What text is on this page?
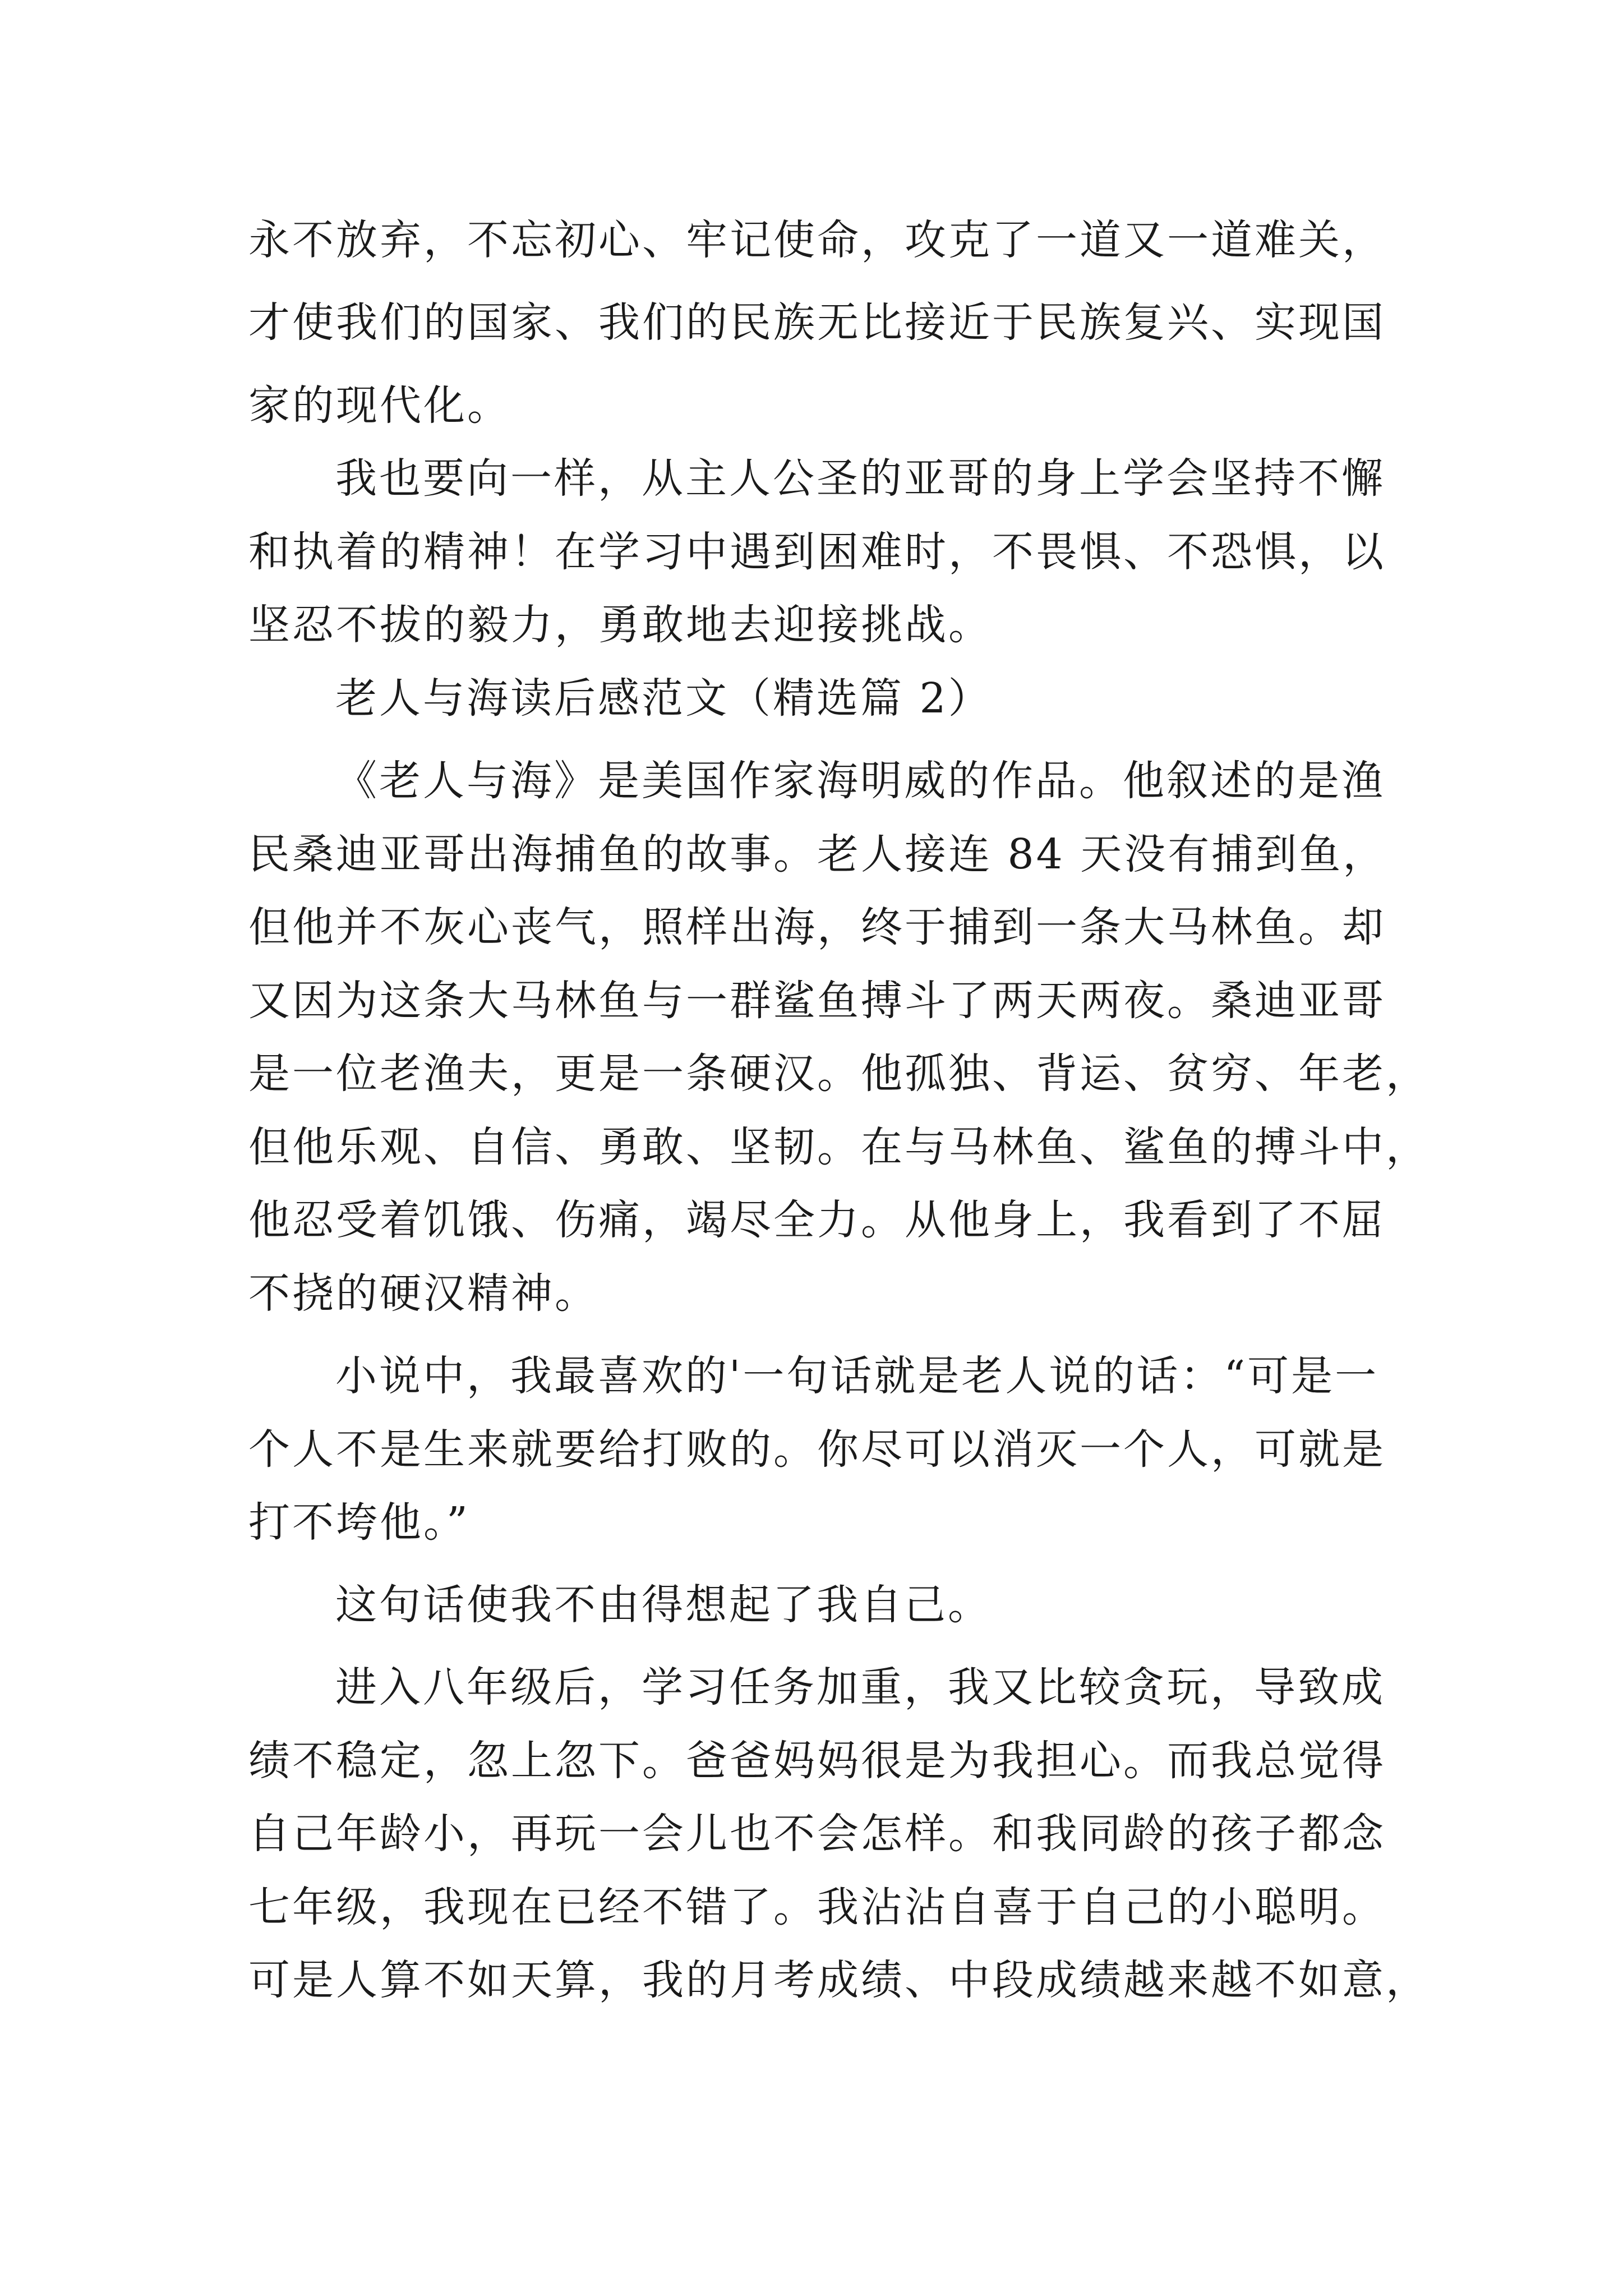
永不放弃，不忘初心、牢记使命，攻克了一道又一道难关，
才使我们的国家、我们的民族无比接近于民族复兴、实现国
家的现代化。
我也要向一样，从主人公圣的亚哥的身上学会坚持不懈
和执着的精神！在学习中遇到困难时，不畏惧、不恐惧，以
坚忍不拔的毅力，勇敢地去迎接挑战。
老人与海读后感范文（精选篇 2）
《老人与海》是美国作家海明威的作品。他叙述的是渔
民桑迪亚哥出海捕鱼的故事。老人接连 84 天没有捕到鱼，
但他并不灰心丧气，照样出海，终于捕到一条大马林鱼。却
又因为这条大马林鱼与一群鲨鱼搏斗了两天两夜。桑迪亚哥
是一位老渔夫，更是一条硬汉。他孤独、背运、贫穷、年老，
但他乐观、自信、勇敢、坚韧。在与马林鱼、鲨鱼的搏斗中，
他忍受着饥饿、伤痛，竭尽全力。从他身上，我看到了不屈
不挠的硬汉精神。
小说中，我最喜欢的'一句话就是老人说的话：“可是一
个人不是生来就要给打败的。你尽可以消灭一个人，可就是
打不垮他。”
这句话使我不由得想起了我自己。
进入八年级后，学习任务加重，我又比较贪玩，导致成
绩不稳定，忽上忽下。爸爸妈妈很是为我担心。而我总觉得
自己年龄小，再玩一会儿也不会怎样。和我同龄的孩子都念
七年级，我现在已经不错了。我沾沾自喜于自己的小聪明。
可是人算不如天算，我的月考成绩、中段成绩越来越不如意，
